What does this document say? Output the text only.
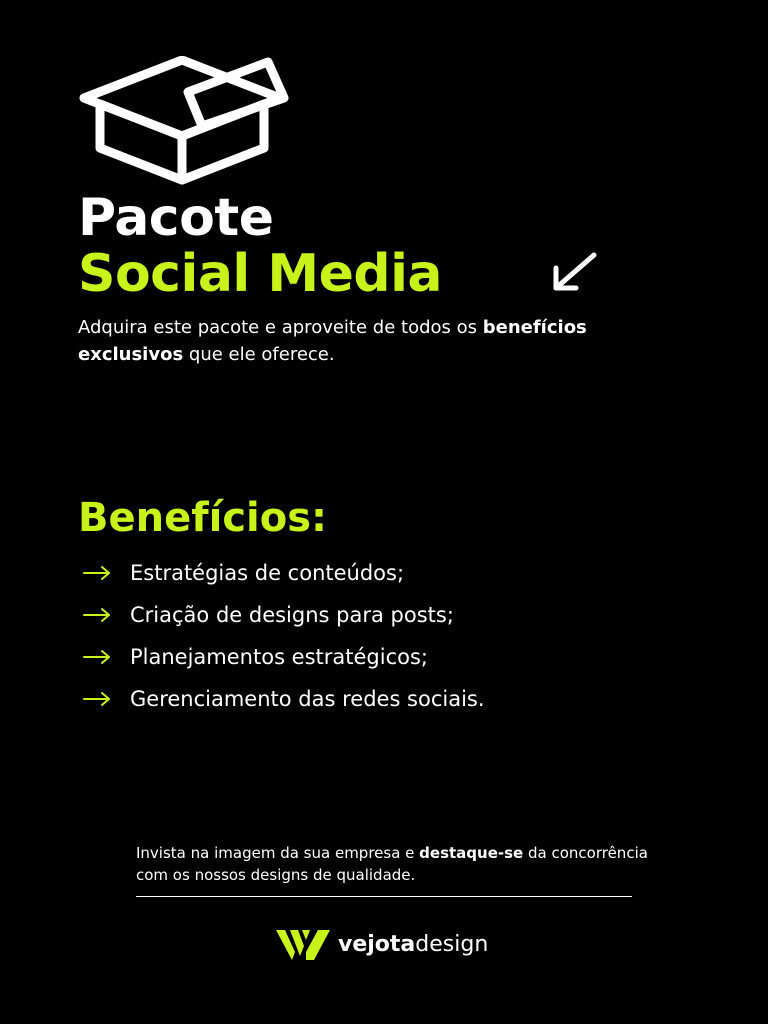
Pacote
Social Media
Adquira este pacote e aproveite de todos os benefícios exclusivos que ele oferece.
Benefícios:
Estratégias de conteúdos;
Criação de designs para posts;
Planejamentos estratégicos;
Gerenciamento das redes sociais.
Invista na imagem da sua empresa e destaque-se da concorrência com os nossos designs de qualidade.
vejotadesign
